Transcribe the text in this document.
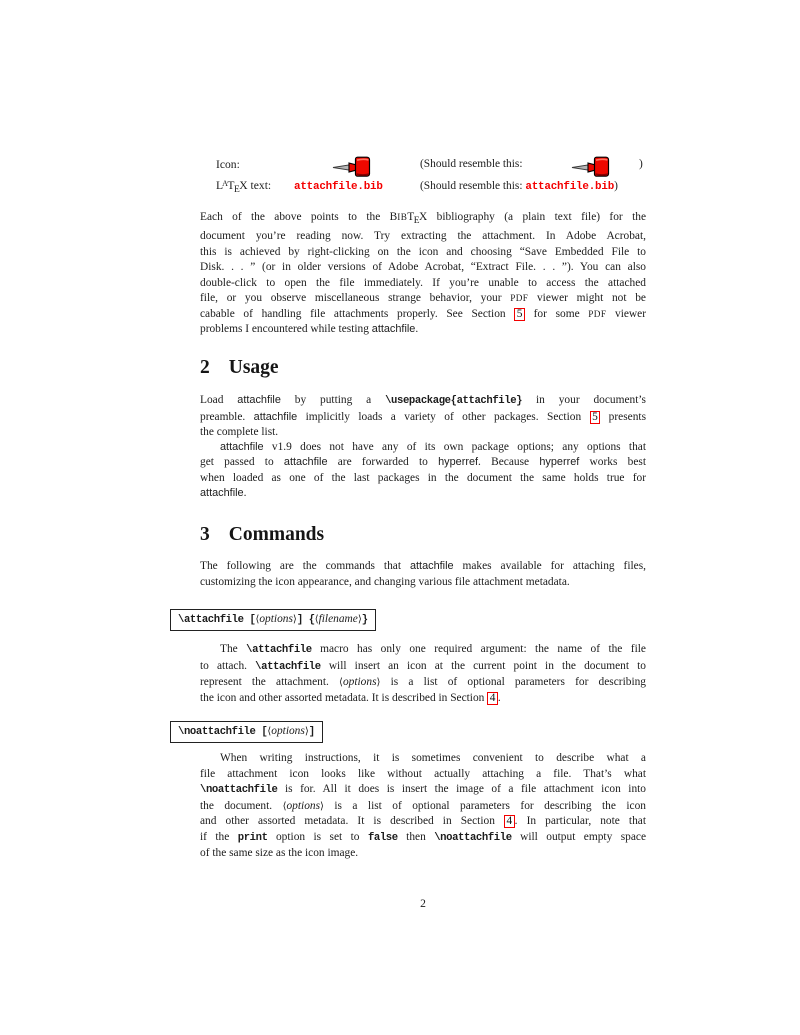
Icon:	(Should resemble this:	)
$L^AT_EX$ text: attachfile.bib	(Should resemble this: attachfile.bib)
Each of the above points to the $BIBT_EX$ bibliography (a plain text file) for the
document you’re reading now. Try extracting the attachment. In Adobe Acrobat,
this is achieved by right-clicking on the icon and choosing “Save Embedded File to
Disk. . . ” (or in older versions of Adobe Acrobat, “Extract File. . . ”). You can also
double-click to open the file immediately. If you’re unable to access the attached
file, or you observe miscellaneous strange behavior, your PDF viewer might not be
cabable of handling file attachments properly. See Section 5 for some PDF viewer
problems I encountered while testing attachfile.
2 Usage
Load attachfile by putting a \usepackage{attachfile} in your document’s
preamble. attachfile implicitly loads a variety of other packages. Section 5 presents
the complete list.
attachfile v1.9 does not have any of its own package options; any options that
get passed to attachfile are forwarded to hyperref. Because hyperref works best
when loaded as one of the last packages in the document the same holds true for
attachfile.
3 Commands
The following are the commands that attachfile makes available for attaching files,
customizing the icon appearance, and changing various file attachment metadata.
\attachfile [⟨options⟩] {⟨filename⟩}
The \attachfile macro has only one required argument: the name of the file
to attach. \attachfile will insert an icon at the current point in the document to
represent the attachment. ⟨options⟩ is a list of optional parameters for describing
the icon and other assorted metadata. It is described in Section 4 .
\noattachfile [⟨options⟩]
When writing instructions, it is sometimes convenient to describe what a
file attachment icon looks like without actually attaching a file. That’s what
\noattachfile is for. All it does is insert the image of a file attachment icon into
the document. ⟨options⟩ is a list of optional parameters for describing the icon
and other assorted metadata. It is described in Section 4 . In particular, note that
if the print option is set to false then \noattachfile will output empty space
of the same size as the icon image.
2
